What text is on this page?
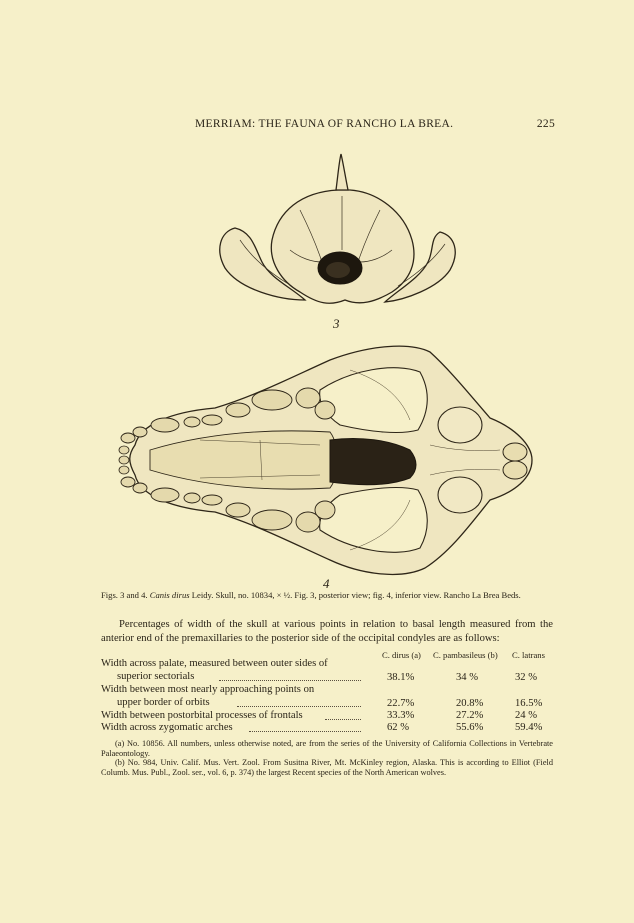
MERRIAM: THE FAUNA OF RANCHO LA BREA.	225
3
4
Figs. 3 and 4. Canis dirus Leidy. Skull, no. 10834, × ½. Fig. 3, posterior view; fig. 4, inferior view. Rancho La Brea Beds.
Percentages of width of the skull at various points in relation to basal length measured from the anterior end of the premaxillaries to the posterior side of the occipital condyles are as follows:
C. dirus (a) C. pambasileus (b) C. latrans
Width across palate, measured between outer sides of
superior sectorials	38.1%	34 %	32 %
Width between most nearly approaching points on
upper border of orbits	22.7%	20.8%	16.5%
Width between postorbital processes of frontals	33.3%	27.2%	24 %
Width across zygomatic arches	62 %	55.6%	59.4%

(a) No. 10856. All numbers, unless otherwise noted, are from the series of the University of California Collections in Vertebrate Palaeontology.

(b) No. 984, Univ. Calif. Mus. Vert. Zool. From Susitna River, Mt. McKinley region, Alaska. This is according to Elliot (Field Columb. Mus. Publ., Zool. ser., vol. 6, p. 374) the largest Recent species of the North American wolves.
